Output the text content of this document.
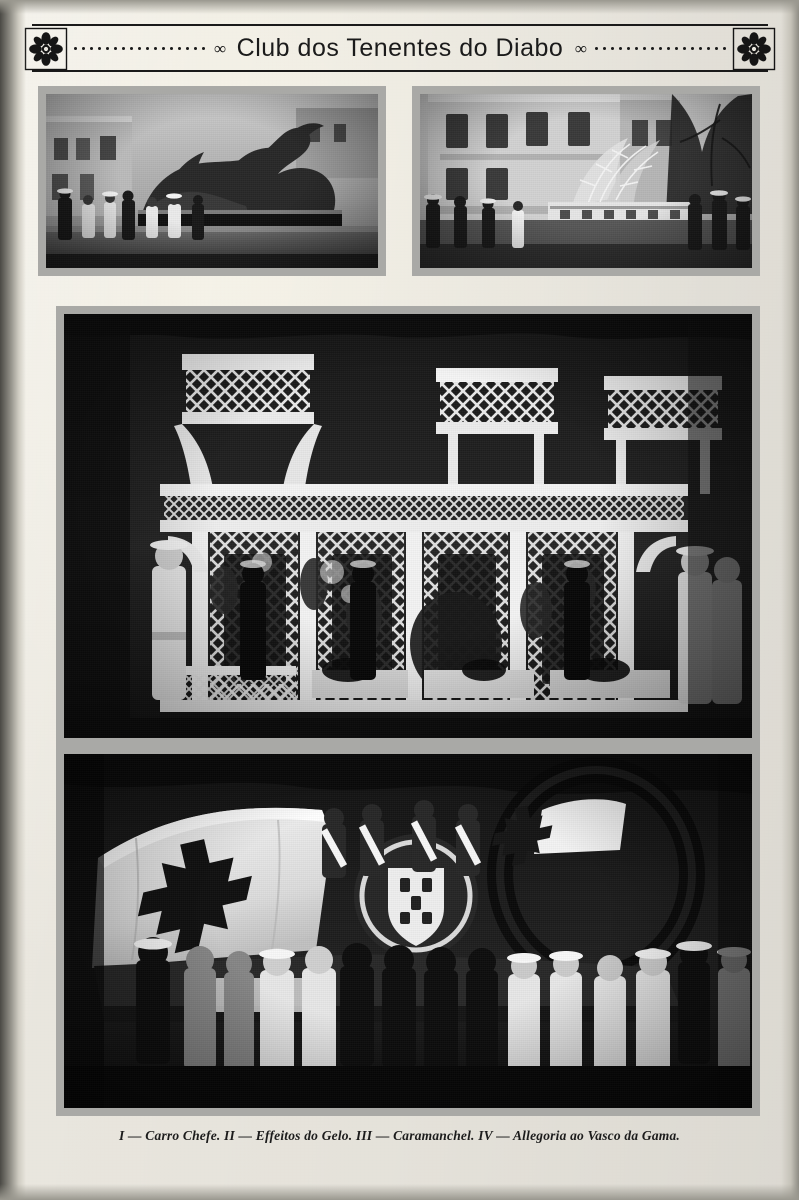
∞ Club dos Tenentes do Diabo ∞
I — Carro Chefe. II — Effeitos do Gelo. III — Caramanchel. IV — Allegoria ao Vasco da Gama.
